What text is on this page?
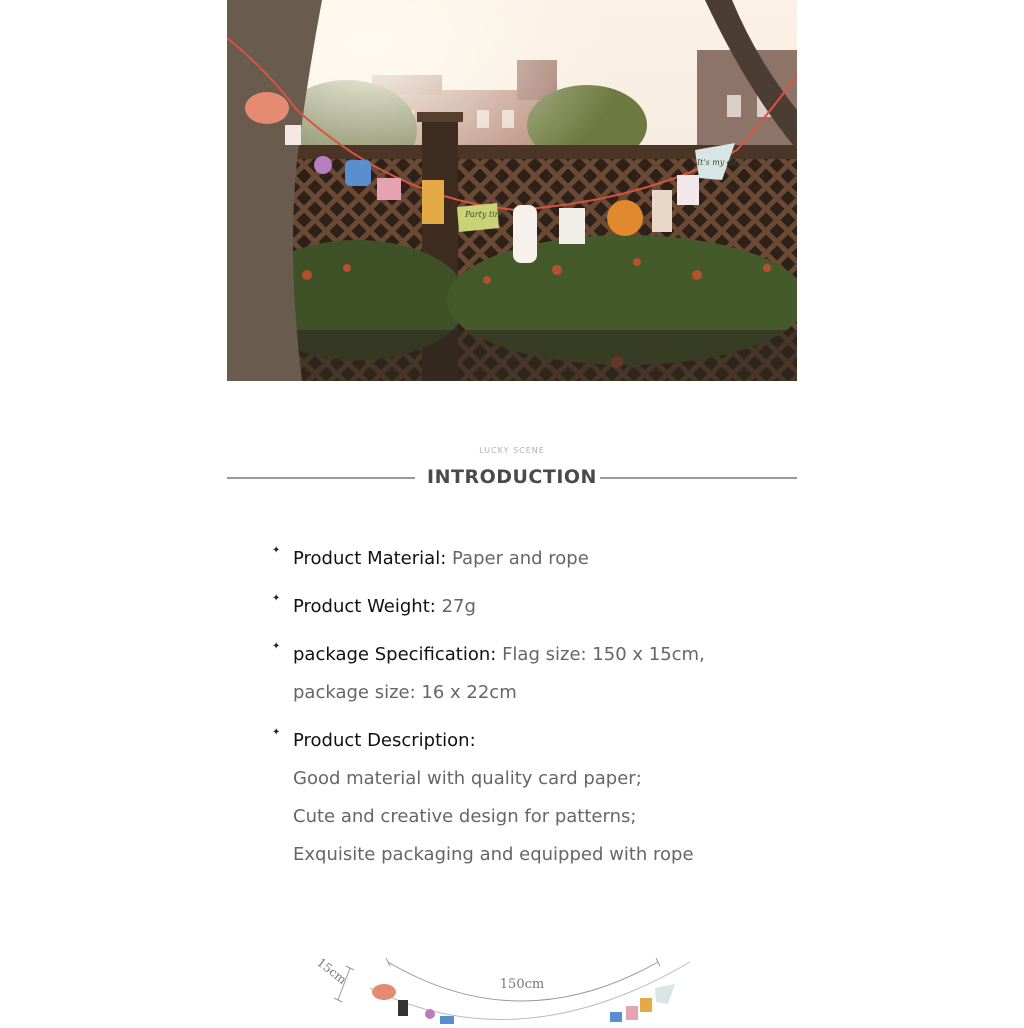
Party time
It's my day!
LUCKY SCENE
INTRODUCTION
✦ Product Material: Paper and rope
✦ Product Weight: 27g
✦ package Specification: Flag size: 150 x 15cm,
package size: 16 x 22cm
✦ Product Description:
Good material with quality card paper;
Cute and creative design for patterns;
Exquisite packaging and equipped with rope
150cm
15cm
